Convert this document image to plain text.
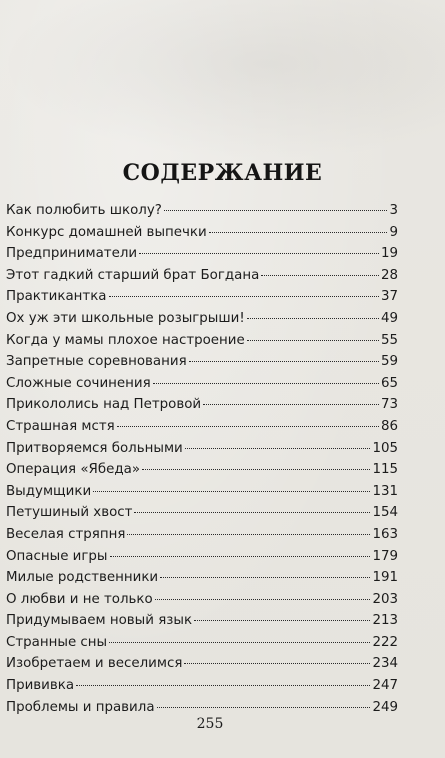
СОДЕРЖАНИЕ
Как полюбить школу?	3
Конкурс домашней выпечки	9
Предприниматели	19
Этот гадкий старший брат Богдана	28
Практикантка	37
Ох уж эти школьные розыгрыши!	49
Когда у мамы плохое настроение	55
Запретные соревнования	59
Сложные сочинения	65
Прикололись над Петровой	73
Страшная мстя	86
Притворяемся больными	105
Операция «Ябеда»	115
Выдумщики	131
Петушиный хвост	154
Веселая стряпня	163
Опасные игры	179
Милые родственники	191
О любви и не только	203
Придумываем новый язык	213
Странные сны	222
Изобретаем и веселимся	234
Прививка	247
Проблемы и правила	249
255
